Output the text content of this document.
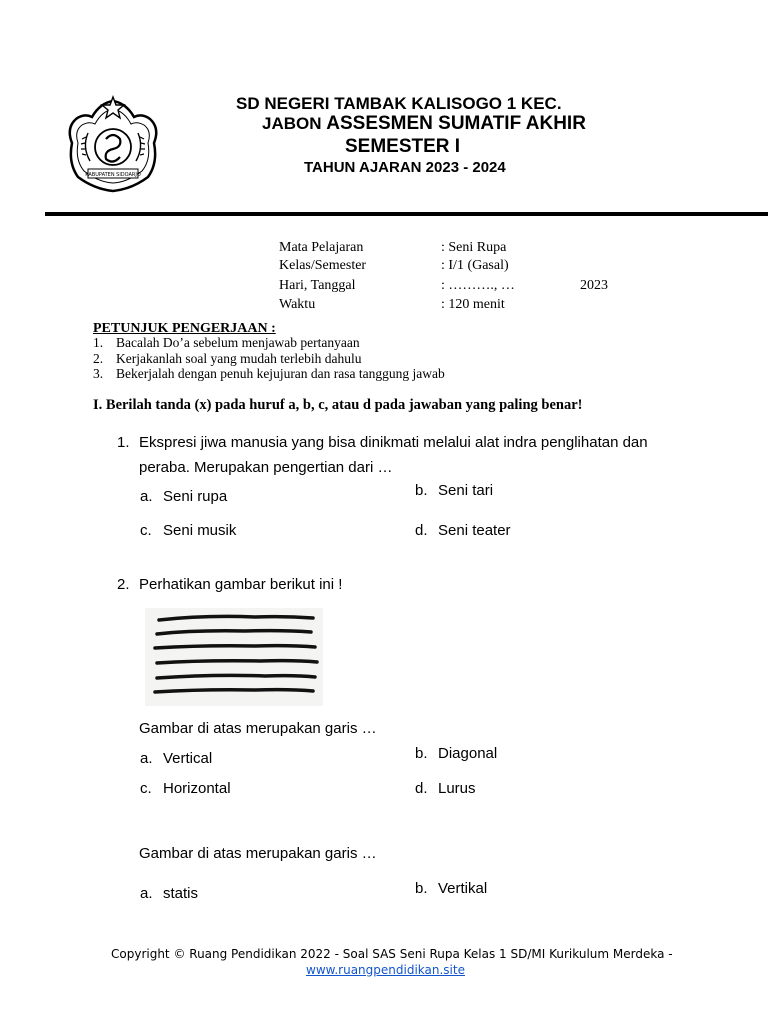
KABUPATEN SIDOARJO
SD NEGERI TAMBAK KALISOGO 1 KEC.
JABON ASSESMEN SUMATIF AKHIR
SEMESTER I
TAHUN AJARAN 2023 - 2024
Mata Pelajaran	: Seni Rupa
Kelas/Semester	: I/1 (Gasal)
Hari, Tanggal	: ………., …	2023
Waktu	: 120 menit
PETUNJUK PENGERJAAN :
1. Bacalah Do’a sebelum menjawab pertanyaan
2. Kerjakanlah soal yang mudah terlebih dahulu
3. Bekerjalah dengan penuh kejujuran dan rasa tanggung jawab
I. Berilah tanda (x) pada huruf a, b, c, atau d pada jawaban yang paling benar!
1. Ekspresi jiwa manusia yang bisa dinikmati melalui alat indra penglihatan dan
peraba. Merupakan pengertian dari …
a. Seni rupa	b. Seni tari
c. Seni musik	d. Seni teater
2. Perhatikan gambar berikut ini !
Gambar di atas merupakan garis …
a. Vertical	b. Diagonal
c. Horizontal	d. Lurus
Gambar di atas merupakan garis …
a. statis	b. Vertikal
Copyright © Ruang Pendidikan 2022 - Soal SAS Seni Rupa Kelas 1 SD/MI Kurikulum Merdeka -
www.ruangpendidikan.site
